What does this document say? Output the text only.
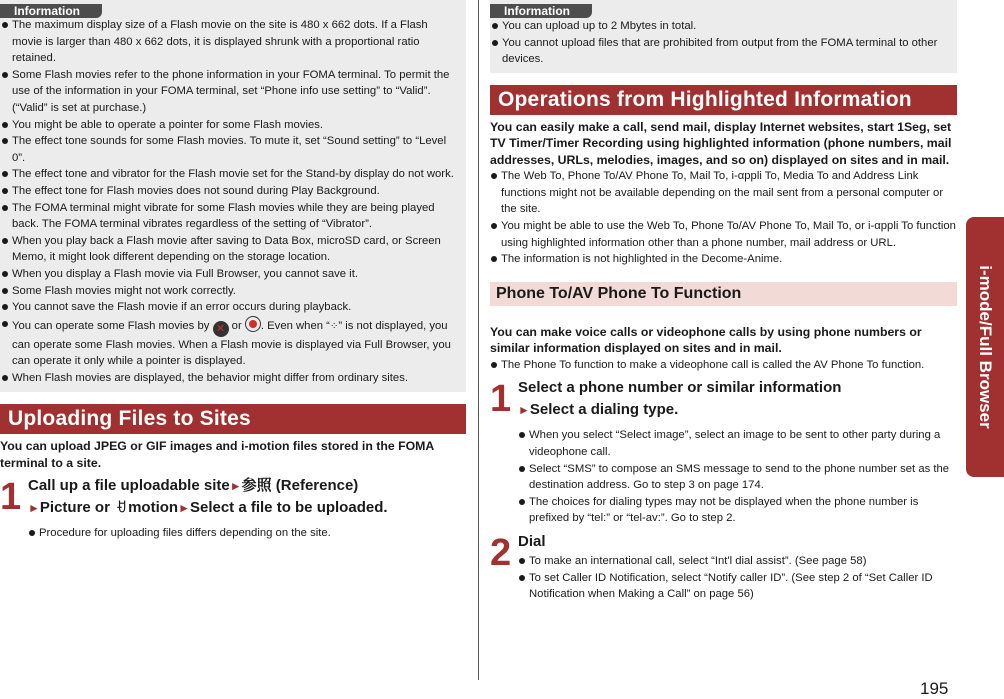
Information
The maximum display size of a Flash movie on the site is 480 x 662 dots. If a Flash movie is larger than 480 x 662 dots, it is displayed shrunk with a proportional ratio retained.
Some Flash movies refer to the phone information in your FOMA terminal. To permit the use of the information in your FOMA terminal, set “Phone info use setting” to “Valid”. (“Valid” is set at purchase.)
You might be able to operate a pointer for some Flash movies.
The effect tone sounds for some Flash movies. To mute it, set “Sound setting” to “Level 0”.
The effect tone and vibrator for the Flash movie set for the Stand-by display do not work.
The effect tone for Flash movies does not sound during Play Background.
The FOMA terminal might vibrate for some Flash movies while they are being played back. The FOMA terminal vibrates regardless of the setting of “Vibrator”.
When you play back a Flash movie after saving to Data Box, microSD card, or Screen Memo, it might look different depending on the storage location.
When you display a Flash movie via Full Browser, you cannot save it.
Some Flash movies might not work correctly.
You cannot save the Flash movie if an error occurs during playback.
You can operate some Flash movies by ✕ or . Even when “⁘” is not displayed, you can operate some Flash movies. When a Flash movie is displayed via Full Browser, you can operate it only while a pointer is displayed.
When Flash movies are displayed, the behavior might differ from ordinary sites.
Uploading Files to Sites
You can upload JPEG or GIF images and i-motion files stored in the FOMA terminal to a site.
1 Call up a file uploadable site►参照 (Reference)
►Picture or ꀀ motion►Select a file to be uploaded.
Procedure for uploading files differs depending on the site.
Information
You can upload up to 2 Mbytes in total.
You cannot upload files that are prohibited from output from the FOMA terminal to other devices.
Operations from Highlighted Information
You can easily make a call, send mail, display Internet websites, start 1Seg, set TV Timer/Timer Recording using highlighted information (phone numbers, mail addresses, URLs, melodies, images, and so on) displayed on sites and in mail.
The Web To, Phone To/AV Phone To, Mail To, i-αppli To, Media To and Address Link functions might not be available depending on the mail sent from a personal computer or the site.
You might be able to use the Web To, Phone To/AV Phone To, Mail To, or i-αppli To function using highlighted information other than a phone number, mail address or URL.
The information is not highlighted in the Decome-Anime.
Phone To/AV Phone To Function
You can make voice calls or videophone calls by using phone numbers or similar information displayed on sites and in mail.
The Phone To function to make a videophone call is called the AV Phone To function.
1 Select a phone number or similar information
►Select a dialing type.
When you select “Select image”, select an image to be sent to other party during a videophone call.
Select “SMS” to compose an SMS message to send to the phone number set as the destination address. Go to step 3 on page 174.
The choices for dialing types may not be displayed when the phone number is prefixed by “tel:” or “tel-av:”. Go to step 2.
2 Dial
To make an international call, select “Int'l dial assist”. (See page 58)
To set Caller ID Notification, select “Notify caller ID”. (See step 2 of “Set Caller ID Notification when Making a Call” on page 56)
i-mode/Full Browser
195
